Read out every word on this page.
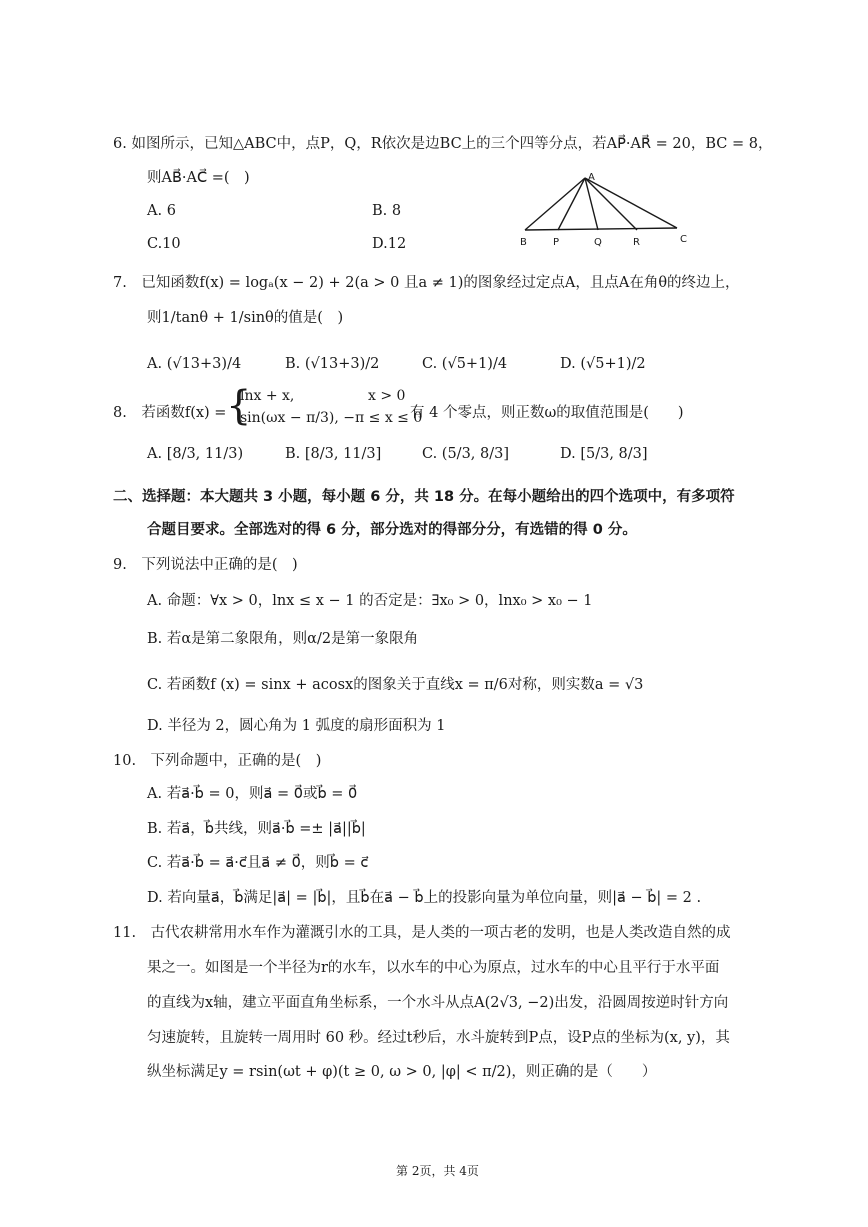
6. 如图所示，已知△ABC中，点P，Q，R依次是边BC上的三个四等分点，若AP⃗·AR⃗ = 20，BC = 8，
则AB⃗·AC⃗ =(　)
A. 6	B. 8
C.10	D.12
A
B	P	Q	R	C
7.　已知函数f(x) = logₐ(x − 2) + 2(a > 0 且a ≠ 1)的图象经过定点A，且点A在角θ的终边上，
则1/tanθ + 1/sinθ的值是(　)
A. (√13+3)/4	B. (√13+3)/2	C. (√5+1)/4	D. (√5+1)/2
8.　若函数f(x) = {
lnx + x,	x > 0
sin(ωx − π/3), −π ≤ x ≤ 0
有 4 个零点，则正数ω的取值范围是(　　)
A. [8/3, 11/3)	B. [8/3, 11/3]	C. (5/3, 8/3]	D. [5/3, 8/3]
二、选择题：本大题共 3 小题，每小题 6 分，共 18 分。在每小题给出的四个选项中，有多项符
合题目要求。全部选对的得 6 分，部分选对的得部分分，有选错的得 0 分。
9.　下列说法中正确的是(　)
A. 命题：∀x > 0，lnx ≤ x − 1 的否定是：∃x₀ > 0，lnx₀ > x₀ − 1
B. 若α是第二象限角，则α/2是第一象限角
C. 若函数f (x) = sinx + acosx的图象关于直线x = π/6对称，则实数a = √3
D. 半径为 2，圆心角为 1 弧度的扇形面积为 1
10.　下列命题中，正确的是(　)
A. 若a⃗·b⃗ = 0，则a⃗ = 0⃗或b⃗ = 0⃗
B. 若a⃗，b⃗共线，则a⃗·b⃗ =± |a⃗||b⃗|
C. 若a⃗·b⃗ = a⃗·c⃗且a⃗ ≠ 0⃗，则b⃗ = c⃗
D. 若向量a⃗，b⃗满足|a⃗| = |b⃗|，且b⃗在a⃗ − b⃗上的投影向量为单位向量，则|a⃗ − b⃗| = 2 .
11.　古代农耕常用水车作为灌溉引水的工具，是人类的一项古老的发明，也是人类改造自然的成
果之一。如图是一个半径为r的水车，以水车的中心为原点，过水车的中心且平行于水平面
的直线为x轴，建立平面直角坐标系，一个水斗从点A(2√3, −2)出发，沿圆周按逆时针方向
匀速旋转，且旋转一周用时 60 秒。经过t秒后，水斗旋转到P点，设P点的坐标为(x, y)，其
纵坐标满足y = rsin(ωt + φ)(t ≥ 0, ω > 0, |φ| < π/2)，则正确的是（　　）
第 2页，共 4页
